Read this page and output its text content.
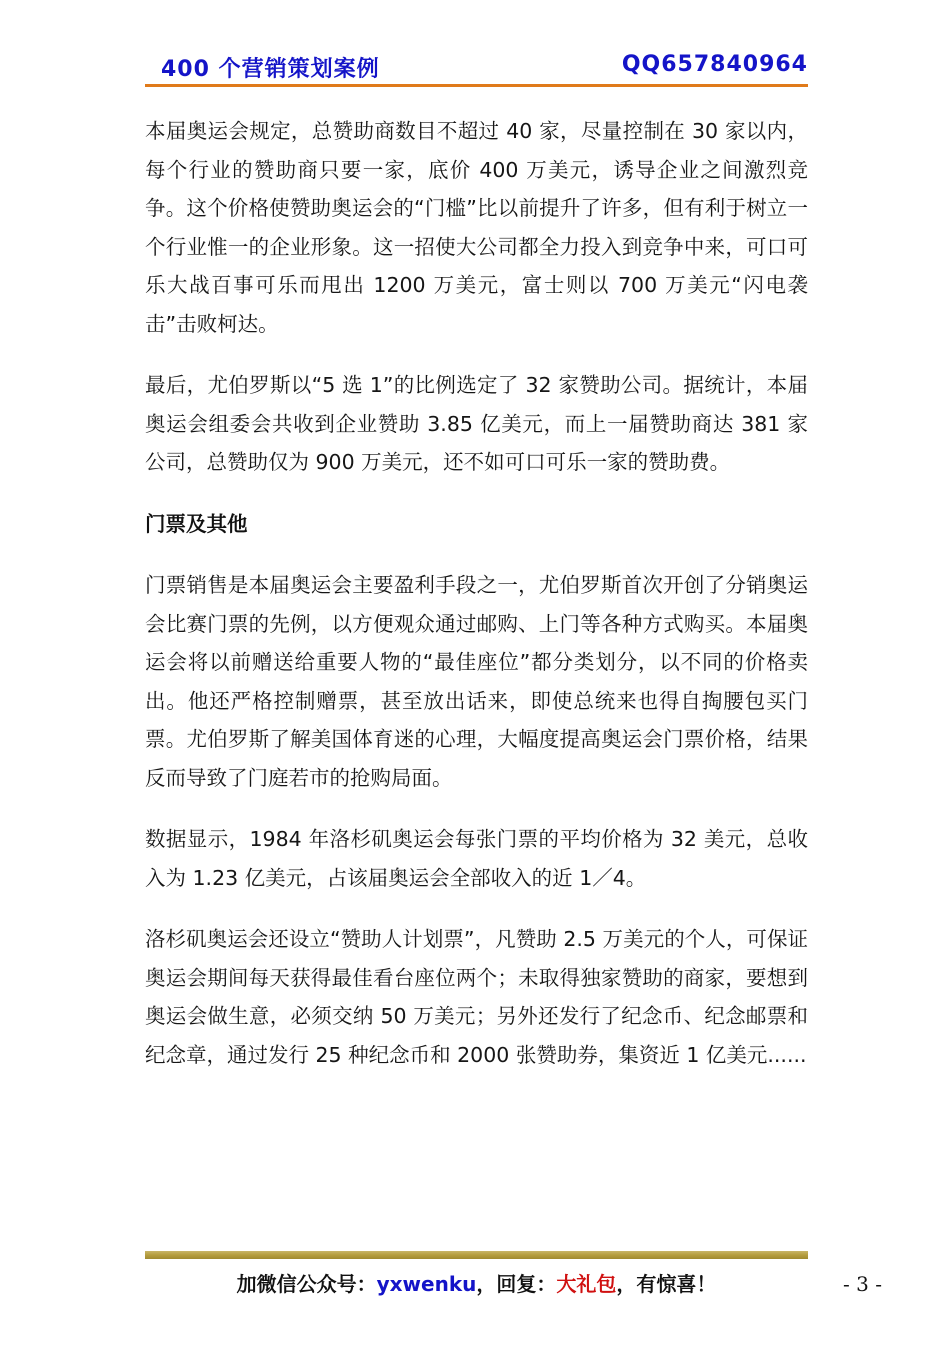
400 个营销策划案例	QQ657840964

本届奥运会规定，总赞助商数目不超过 40 家，尽量控制在 30 家以内，每个行业的赞助商只要一家，底价 400 万美元，诱导企业之间激烈竞争。这个价格使赞助奥运会的“门槛”比以前提升了许多，但有利于树立一个行业惟一的企业形象。这一招使大公司都全力投入到竞争中来，可口可乐大战百事可乐而甩出 1200 万美元，富士则以 700 万美元“闪电袭击”击败柯达。

最后，尤伯罗斯以“5 选 1”的比例选定了 32 家赞助公司。据统计，本届奥运会组委会共收到企业赞助 3.85 亿美元，而上一届赞助商达 381 家公司，总赞助仅为 900 万美元，还不如可口可乐一家的赞助费。

门票及其他

门票销售是本届奥运会主要盈利手段之一，尤伯罗斯首次开创了分销奥运会比赛门票的先例，以方便观众通过邮购、上门等各种方式购买。本届奥运会将以前赠送给重要人物的“最佳座位”都分类划分，以不同的价格卖出。他还严格控制赠票，甚至放出话来，即使总统来也得自掏腰包买门票。尤伯罗斯了解美国体育迷的心理，大幅度提高奥运会门票价格，结果反而导致了门庭若市的抢购局面。

数据显示，1984 年洛杉矶奥运会每张门票的平均价格为 32 美元，总收入为 1.23 亿美元，占该届奥运会全部收入的近 1／4。

洛杉矶奥运会还设立“赞助人计划票”，凡赞助 2.5 万美元的个人，可保证奥运会期间每天获得最佳看台座位两个；未取得独家赞助的商家，要想到奥运会做生意，必须交纳 50 万美元；另外还发行了纪念币、纪念邮票和纪念章，通过发行 25 种纪念币和 2000 张赞助券，集资近 1 亿美元......

加微信公众号：yxwenku，回复：大礼包，有惊喜！	- 3 -
